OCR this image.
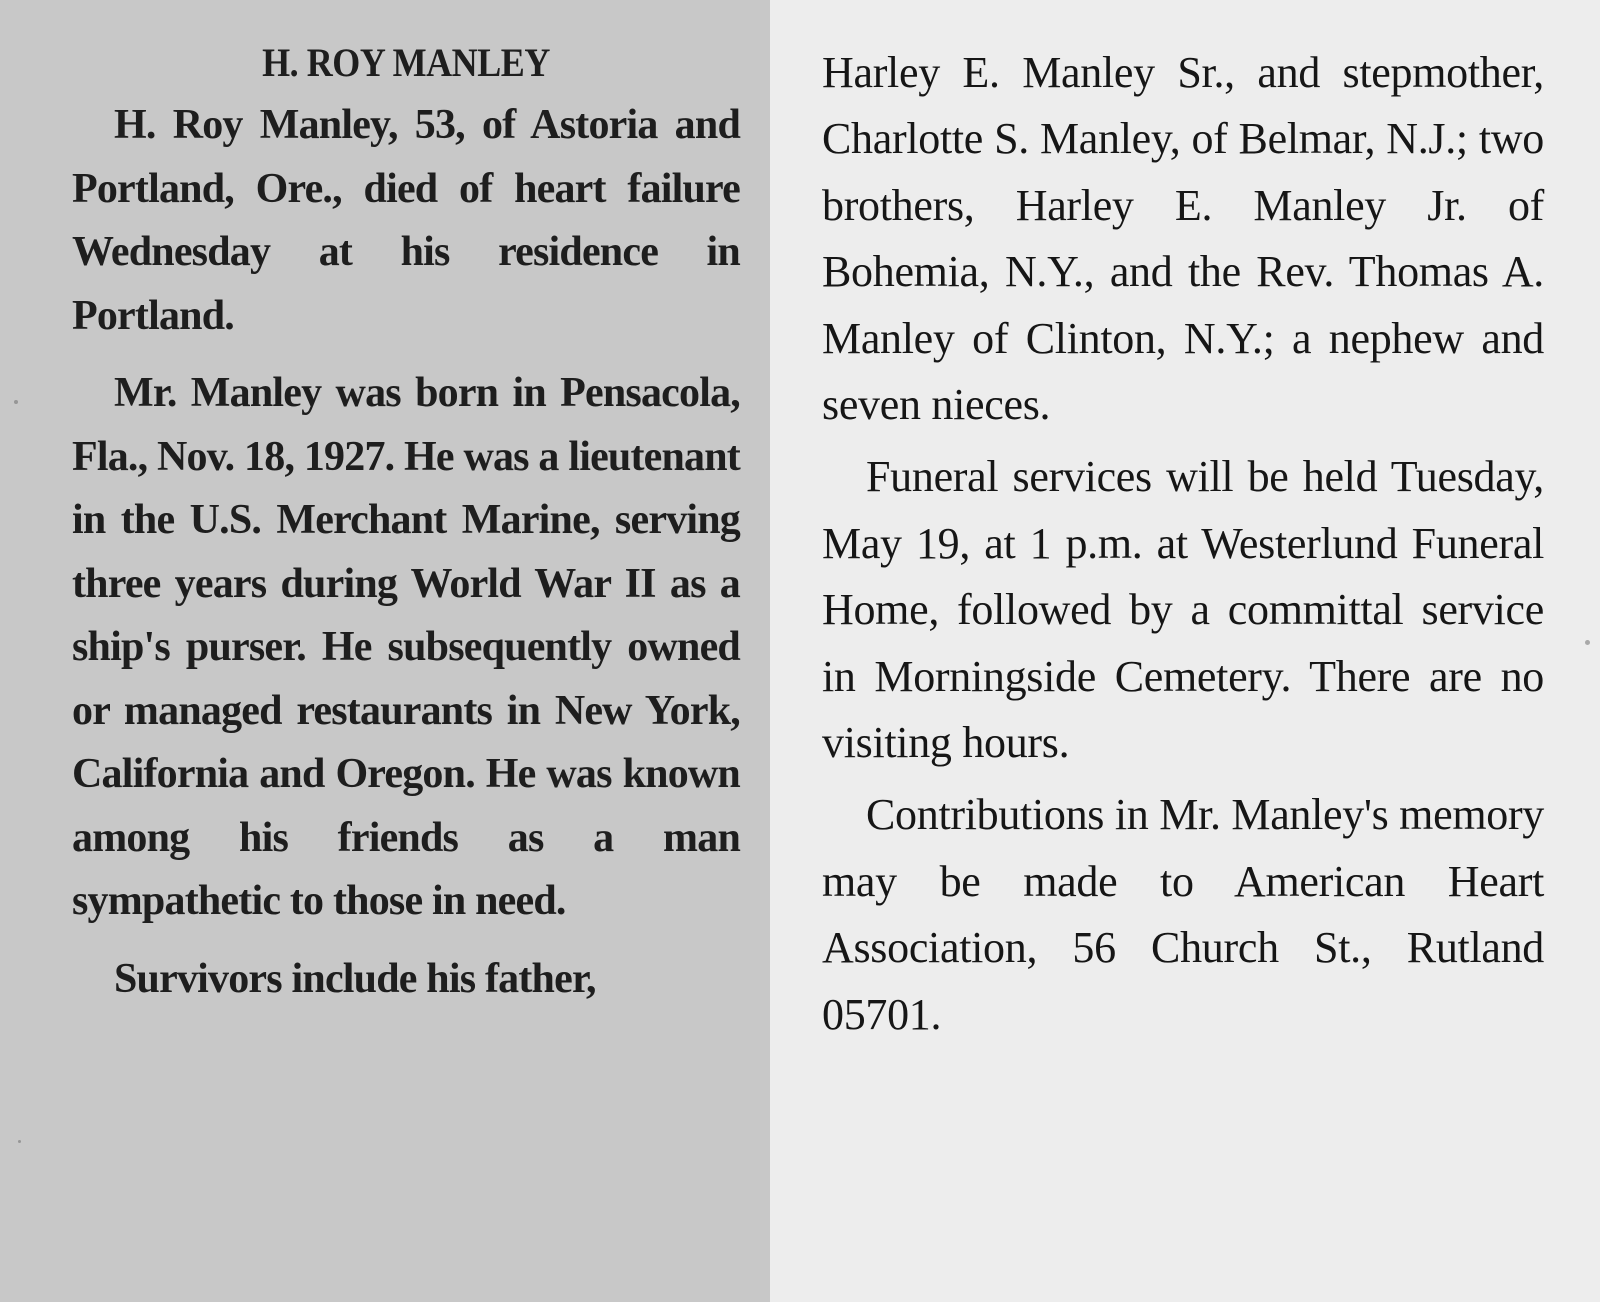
H. ROY MANLEY

H. Roy Manley, 53, of Astoria and Portland, Ore., died of heart failure Wednesday at his residence in Portland.

Mr. Manley was born in Pensacola, Fla., Nov. 18, 1927. He was a lieutenant in the U.S. Merchant Marine, serving three years during World War II as a ship's purser. He subsequently owned or managed restaurants in New York, California and Oregon. He was known among his friends as a man sympathetic to those in need.

Survivors include his father,

Harley E. Manley Sr., and stepmother, Charlotte S. Manley, of Belmar, N.J.; two brothers, Harley E. Manley Jr. of Bohemia, N.Y., and the Rev. Thomas A. Manley of Clinton, N.Y.; a nephew and seven nieces.

Funeral services will be held Tuesday, May 19, at 1 p.m. at Westerlund Funeral Home, followed by a committal service in Morningside Cemetery. There are no visiting hours.

Contributions in Mr. Manley's memory may be made to American Heart Association, 56 Church St., Rutland 05701.
